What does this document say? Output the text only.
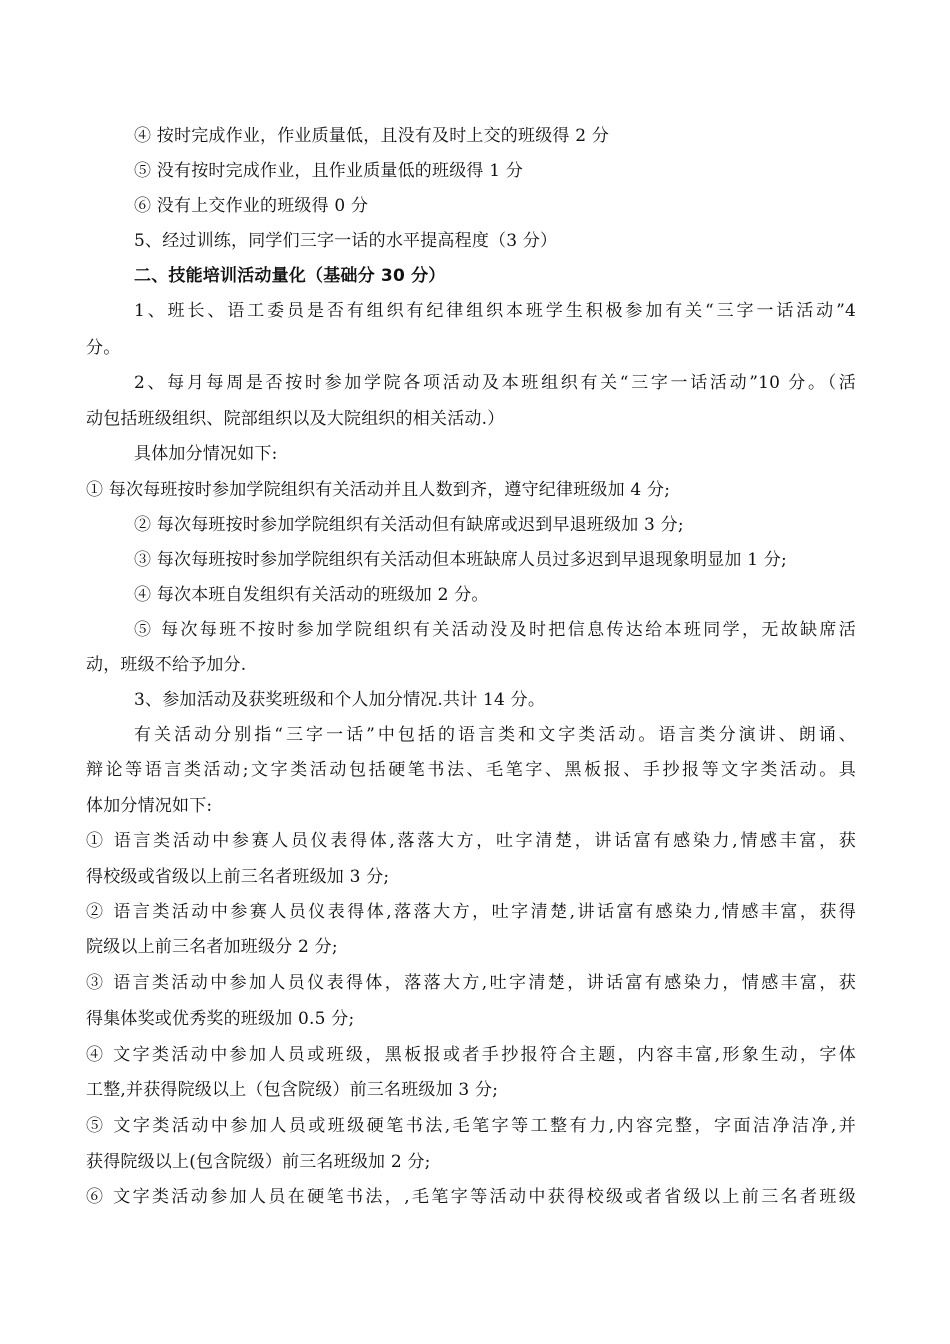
④ 按时完成作业，作业质量低，且没有及时上交的班级得 2 分
⑤ 没有按时完成作业，且作业质量低的班级得 1 分
⑥ 没有上交作业的班级得 0 分
5、经过训练，同学们三字一话的水平提高程度（3 分）
二、技能培训活动量化（基础分 30 分）
1、班长、语工委员是否有组织有纪律组织本班学生积极参加有关“三字一话活动”4
分。
2、每月每周是否按时参加学院各项活动及本班组织有关“三字一话活动”10 分。（活
动包括班级组织、院部组织以及大院组织的相关活动.）
具体加分情况如下:
① 每次每班按时参加学院组织有关活动并且人数到齐，遵守纪律班级加 4 分;
② 每次每班按时参加学院组织有关活动但有缺席或迟到早退班级加 3 分;
③ 每次每班按时参加学院组织有关活动但本班缺席人员过多迟到早退现象明显加 1 分;
④ 每次本班自发组织有关活动的班级加 2 分。
⑤ 每次每班不按时参加学院组织有关活动没及时把信息传达给本班同学，无故缺席活
动，班级不给予加分.
3、参加活动及获奖班级和个人加分情况.共计 14 分。
有关活动分别指“三字一话”中包括的语言类和文字类活动。语言类分演讲、朗诵、
辩论等语言类活动;文字类活动包括硬笔书法、毛笔字、黑板报、手抄报等文字类活动。具
体加分情况如下:
① 语言类活动中参赛人员仪表得体,落落大方，吐字清楚，讲话富有感染力,情感丰富，获
得校级或省级以上前三名者班级加 3 分;
② 语言类活动中参赛人员仪表得体,落落大方，吐字清楚,讲话富有感染力,情感丰富，获得
院级以上前三名者加班级分 2 分;
③ 语言类活动中参加人员仪表得体，落落大方,吐字清楚，讲话富有感染力，情感丰富，获
得集体奖或优秀奖的班级加 0.5 分;
④ 文字类活动中参加人员或班级，黑板报或者手抄报符合主题，内容丰富,形象生动，字体
工整,并获得院级以上（包含院级）前三名班级加 3 分;
⑤ 文字类活动中参加人员或班级硬笔书法,毛笔字等工整有力,内容完整，字面洁净洁净,并
获得院级以上(包含院级）前三名班级加 2 分;
⑥ 文字类活动参加人员在硬笔书法，,毛笔字等活动中获得校级或者省级以上前三名者班级
